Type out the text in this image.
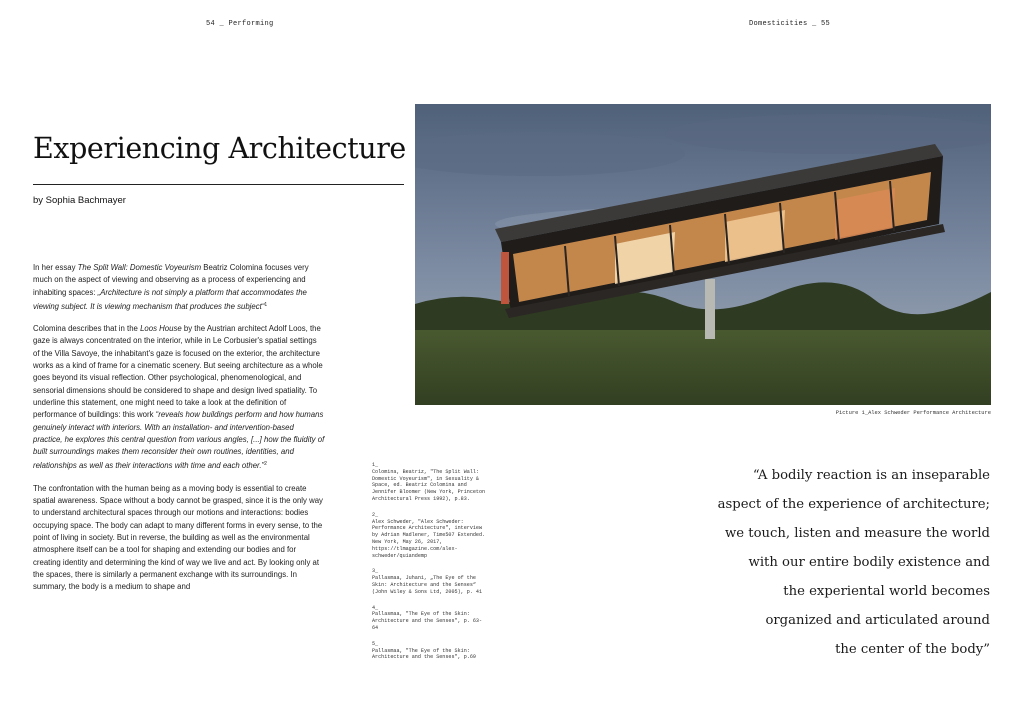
54 _ Performing	Domesticities _ 55
Experiencing Architecture
by Sophia Bachmayer

In her essay The Split Wall: Domestic Voyeurism Beatriz Colomina focuses very much on the aspect of viewing and observing as a process of experiencing and inhabiting spaces: „Architecture is not simply a platform that accommodates the viewing subject. It is viewing mechanism that produces the subject“$^1$

Colomina describes that in the Loos House by the Austrian architect Adolf Loos, the gaze is always concentrated on the interior, while in Le Corbusier's spatial settings of the Villa Savoye, the inhabitant's gaze is focused on the exterior, the architecture works as a kind of frame for a cinematic scenery. But seeing architecture as a whole goes beyond its visual reflection. Other psychological, phenomenological, and sensorial dimensions should be considered to shape and design lived spatiality. To underline this statement, one might need to take a look at the definition of performance of buildings: this work “reveals how buildings perform and how humans genuinely interact with interiors. With an installation- and intervention-based practice, he explores this central question from various angles, [...] how the fluidity of built surroundings makes them reconsider their own routines, identities, and relationships as well as their interactions with time and each other.”$^2$

The confrontation with the human being as a moving body is essential to create spatial awareness. Space without a body cannot be grasped, since it is the only way to understand architectural spaces through our motions and interactions: bodies occupying space. The body can adapt to many different forms in every sense, to the point of living in society. But in reverse, the building as well as the environmental atmosphere itself can be a tool for shaping and extending our bodies and for creating identity and determining the kind of way we live and act. By looking only at the spaces, there is similarly a permanent exchange with its surroundings. In summary, the body is a medium to shape and

Picture 1_Alex Schweder Performance Architecture
1_
Colomina, Beatriz, "The Split Wall: Domestic Voyeurism", in Sexuality & Space, ed. Beatriz Colomina and Jennifer Bloomer (New York, Princeton Architectural Press 1992), p.83.
2_
Alex Schweder, "Alex Schweder: Performance Architecture", interview by Adrian Madlener, Time507 Extended. New York, May 26, 2017, https://tlmagazine.com/alex-schweder/quiandemp
3_
Pallasmaa, Juhani, „The Eye of the Skin: Architecture and the Senses“ (John Wiley & Sons Ltd, 2005), p. 41
4_
Pallasmaa, "The Eye of the Skin: Architecture and the Senses", p. 63-64
5_
Pallasmaa, "The Eye of the Skin: Architecture and the Senses", p.69
“A bodily reaction is an inseparable
aspect of the experience of architecture;
we touch, listen and measure the world
with our entire bodily existence and
the experiental world becomes
organized and articulated around
the center of the body”
